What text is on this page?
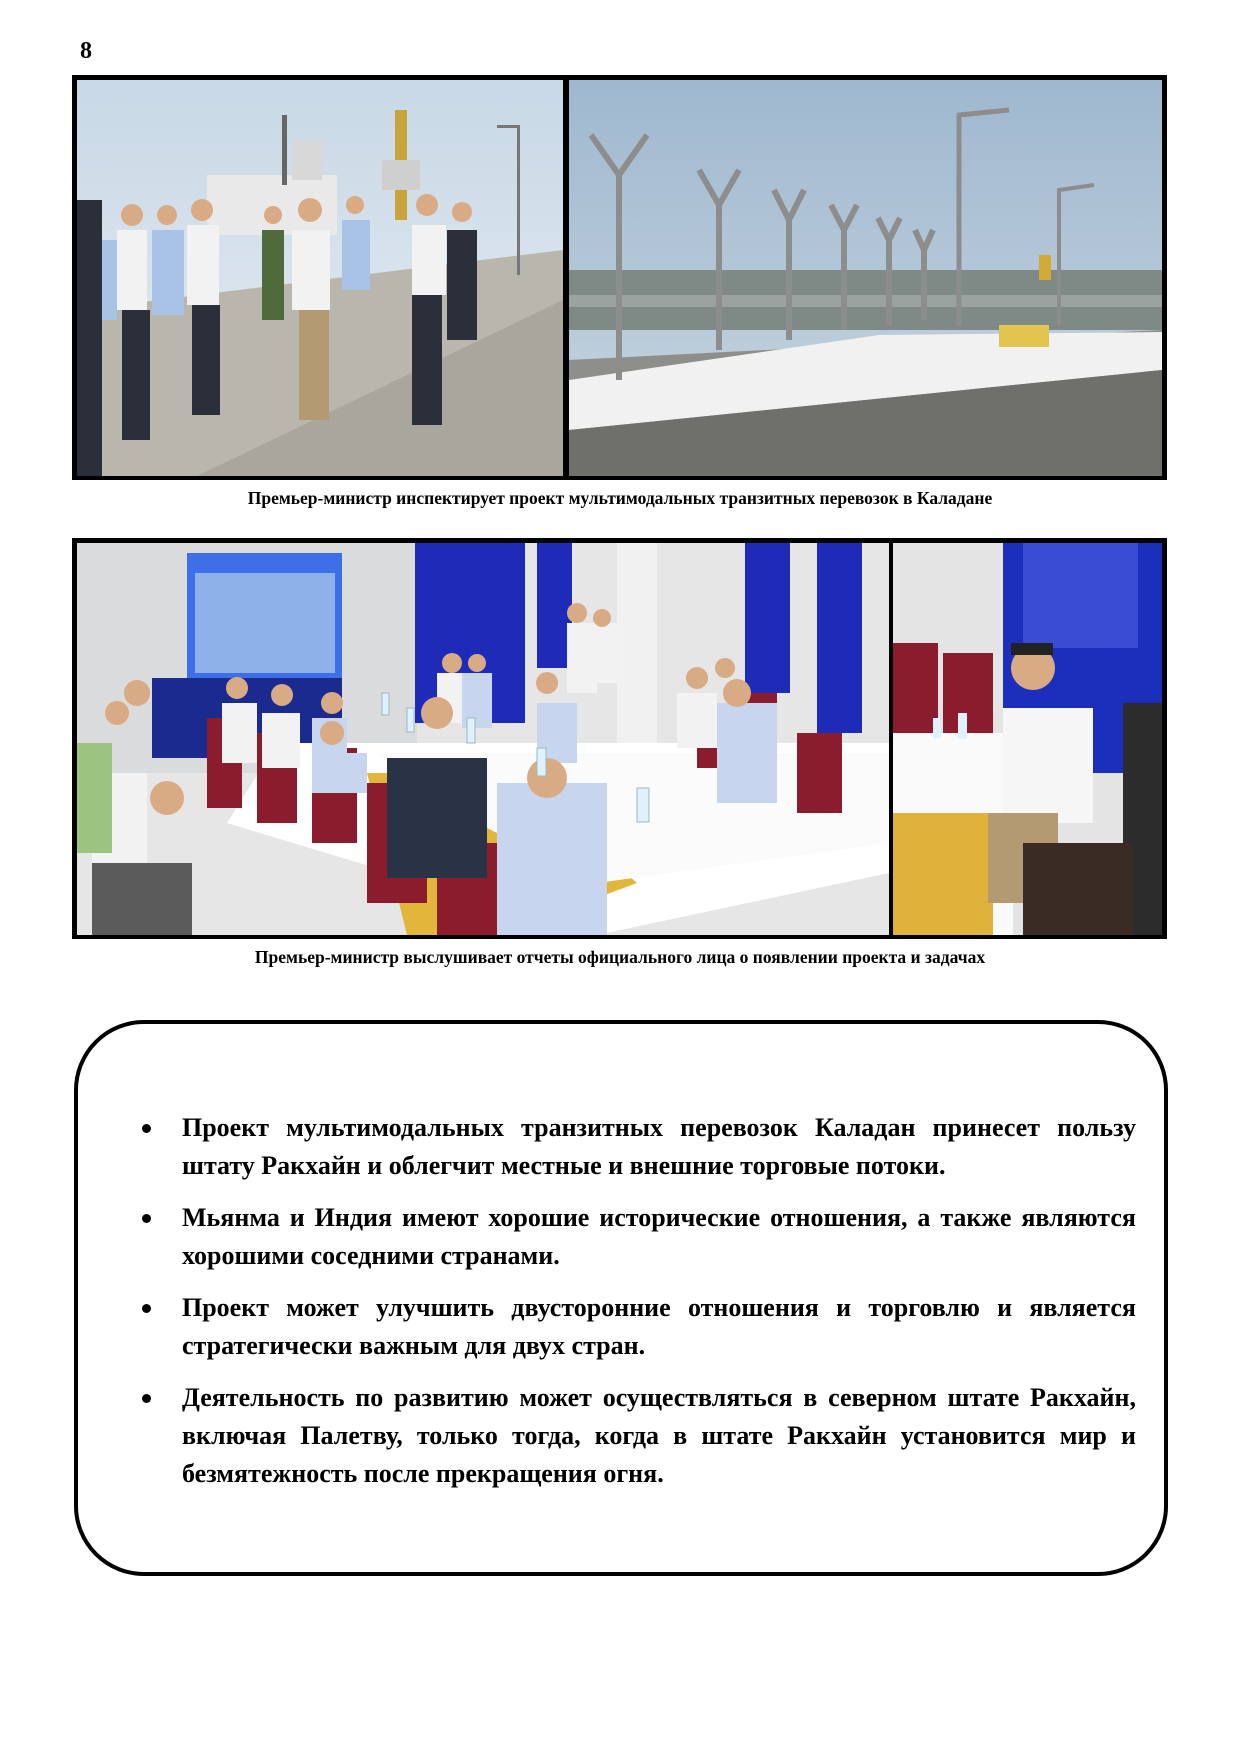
8
Премьер-министр инспектирует проект мультимодальных транзитных перевозок в Каладане
Премьер-министр выслушивает отчеты официального лица о появлении проекта и задачах
Проект мультимодальных транзитных перевозок Каладан принесет пользу штату Ракхайн и облегчит местные и внешние торговые потоки.
Мьянма и Индия имеют хорошие исторические отношения, а также являются хорошими соседними странами.
Проект может улучшить двусторонние отношения и торговлю и является стратегически важным для двух стран.
Деятельность по развитию может осуществляться в северном штате Ракхайн, включая Палетву, только тогда, когда в штате Ракхайн установится мир и безмятежность после прекращения огня.
